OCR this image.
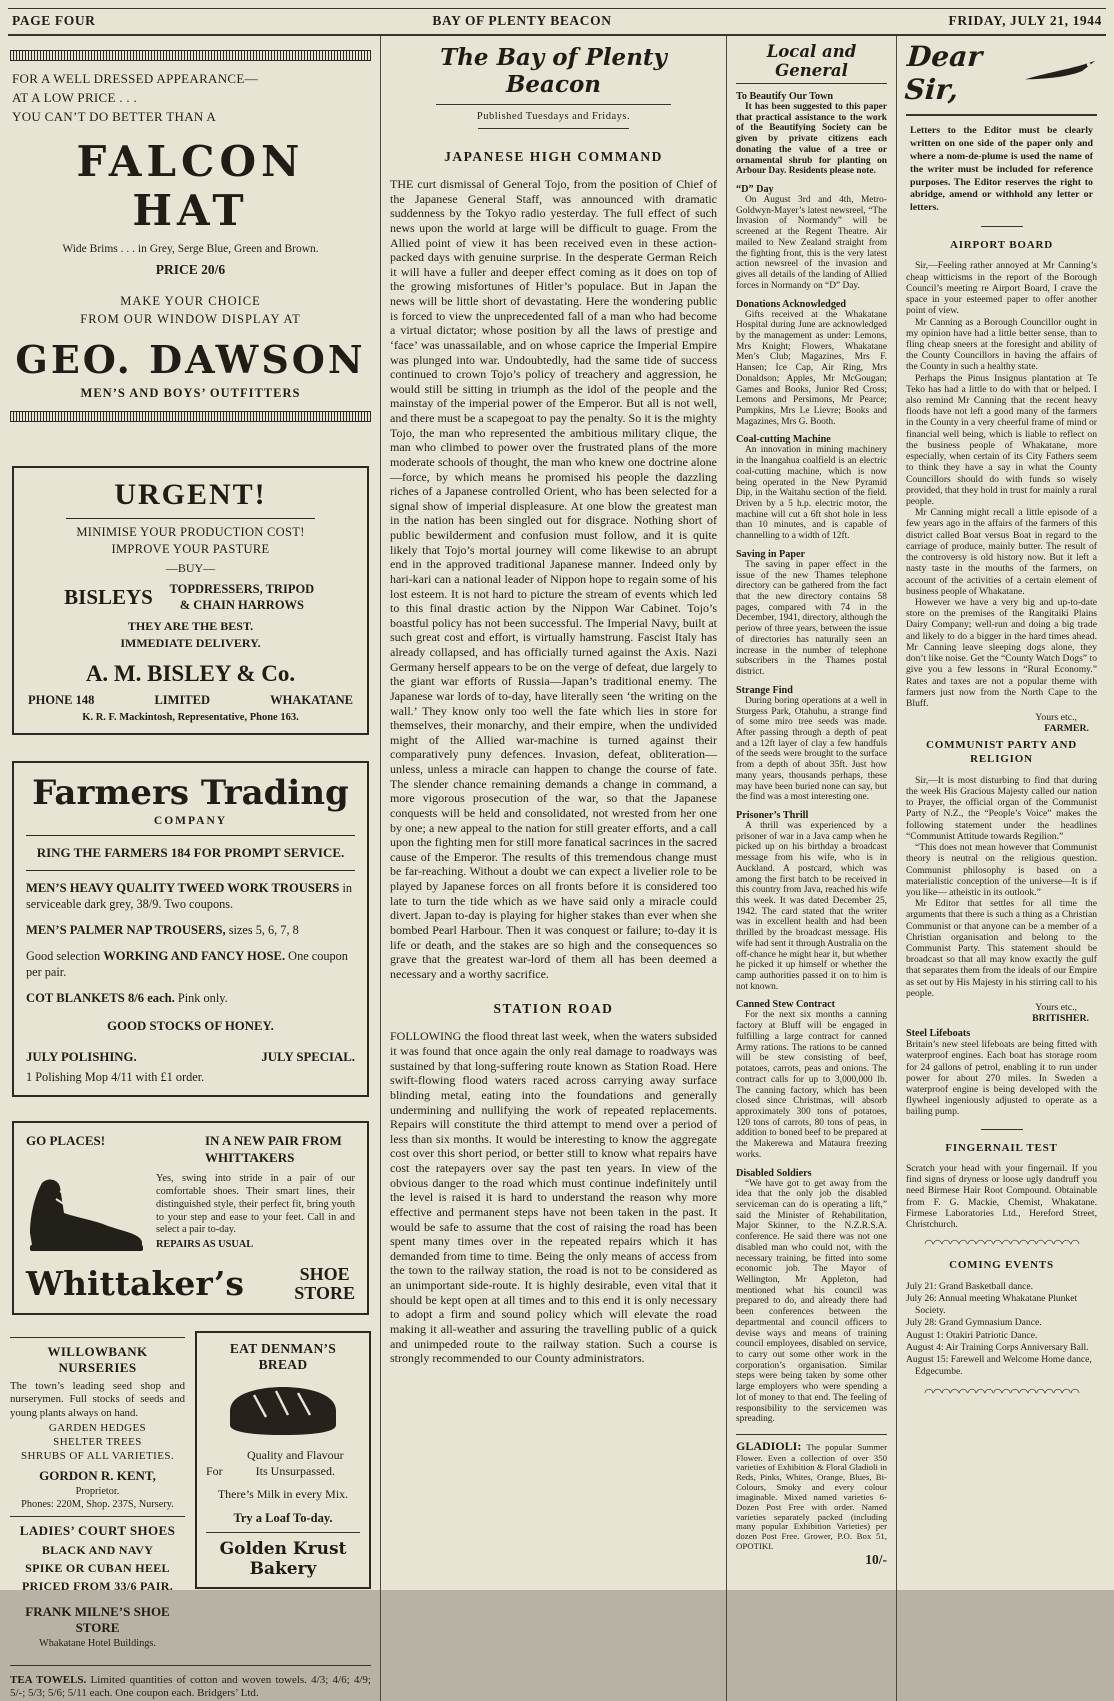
PAGE FOUR	BAY OF PLENTY BEACON	FRIDAY, JULY 21, 1944

FOR A WELL DRESSED APPEARANCE—

AT A LOW PRICE . . .

YOU CAN’T DO BETTER THAN A

FALCON HAT

Wide Brims . . . in Grey, Serge Blue, Green and Brown.

PRICE 20/6

MAKE YOUR CHOICE

FROM OUR WINDOW DISPLAY AT

GEO. DAWSON

MEN’S AND BOYS’ OUTFITTERS

URGENT!

MINIMISE YOUR PRODUCTION COST!

IMPROVE YOUR PASTURE

—BUY—

BISLEYS TOPDRESSERS, TRIPOD & CHAIN HARROWS

THEY ARE THE BEST.

IMMEDIATE DELIVERY.

A. M. BISLEY & Co.
PHONE 148	LIMITED	WHAKATANE

K. R. F. Mackintosh, Representative, Phone 163.

Farmers Trading

COMPANY

RING THE FARMERS 184 FOR PROMPT SERVICE.

MEN’S HEAVY QUALITY TWEED WORK TROUSERS in serviceable dark grey, 38/9. Two coupons.

MEN’S PALMER NAP TROUSERS, sizes 5, 6, 7, 8

Good selection WORKING AND FANCY HOSE. One coupon per pair.

COT BLANKETS 8/6 each. Pink only.

GOOD STOCKS OF HONEY.

JULY POLISHING.	JULY SPECIAL.

1 Polishing Mop 4/11 with £1 order.

GO PLACES!	IN A NEW PAIR FROM WHITTAKERS

Yes, swing into stride in a pair of our comfortable shoes. Their smart lines, their distinguished style, their perfect fit, bring youth to your step and ease to your feet. Call in and select a pair to-day.

REPAIRS AS USUAL

Whittaker’s	SHOE
STORE

WILLOWBANK NURSERIES

The town’s leading seed shop and nurserymen. Full stocks of seeds and young plants always on hand.

GARDEN HEDGES

SHELTER TREES

SHRUBS OF ALL VARIETIES.

GORDON R. KENT,

Proprietor.

Phones: 220M, Shop. 237S, Nursery.

LADIES’ COURT SHOES

BLACK AND NAVY

SPIKE OR CUBAN HEEL

PRICED FROM 33/6 PAIR.

FRANK MILNE’S SHOE STORE

Whakatane Hotel Buildings.

EAT DENMAN’S BREAD

For
Quality and Flavour
Its Unsurpassed.

There’s Milk in every Mix.

Try a Loaf To-day.

Golden Krust Bakery

TEA TOWELS. Limited quantities of cotton and woven towels. 4/3; 4/6; 4/9; 5/-; 5/3; 5/6; 5/11 each. One coupon each. Bridgers’ Ltd.

The Bay of Plenty Beacon

Published Tuesdays and Fridays.

JAPANESE HIGH COMMAND

THE curt dismissal of General Tojo, from the position of Chief of the Japanese General Staff, was announced with dramatic suddenness by the Tokyo radio yesterday. The full effect of such news upon the world at large will be difficult to guage. From the Allied point of view it has been received even in these action-packed days with genuine surprise. In the desperate German Reich it will have a fuller and deeper effect coming as it does on top of the growing misfortunes of Hitler’s populace. But in Japan the news will be little short of devastating. Here the wondering public is forced to view the unprecedented fall of a man who had become a virtual dictator; whose position by all the laws of prestige and ‘face’ was unassailable, and on whose caprice the Imperial Empire was plunged into war. Undoubtedly, had the same tide of success continued to crown Tojo’s policy of treachery and aggression, he would still be sitting in triumph as the idol of the people and the mainstay of the imperial power of the Emperor. But all is not well, and there must be a scapegoat to pay the penalty. So it is the mighty Tojo, the man who represented the ambitious military clique, the man who climbed to power over the frustrated plans of the more moderate schools of thought, the man who knew one doctrine alone—force, by which means he promised his people the dazzling riches of a Japanese controlled Orient, who has been selected for a signal show of imperial displeasure. At one blow the greatest man in the nation has been singled out for disgrace. Nothing short of public bewilderment and confusion must follow, and it is quite likely that Tojo’s mortal journey will come likewise to an abrupt end in the approved traditional Japanese manner. Indeed only by hari-kari can a national leader of Nippon hope to regain some of his lost esteem. It is not hard to picture the stream of events which led to this final drastic action by the Nippon War Cabinet. Tojo’s boastful policy has not been successful. The Imperial Navy, built at such great cost and effort, is virtually hamstrung. Fascist Italy has already collapsed, and has officially turned against the Axis. Nazi Germany herself appears to be on the verge of defeat, due largely to the giant war efforts of Russia—Japan’s traditional enemy. The Japanese war lords of to-day, have literally seen ‘the writing on the wall.’ They know only too well the fate which lies in store for themselves, their monarchy, and their empire, when the undivided might of the Allied war-machine is turned against their comparatively puny defences. Invasion, defeat, obliteration—unless, unless a miracle can happen to change the course of fate. The slender chance remaining demands a change in command, a more vigorous prosecution of the war, so that the Japanese conquests will be held and consolidated, not wrested from her one by one; a new appeal to the nation for still greater efforts, and a call upon the fighting men for still more fanatical sacrinces in the sacred cause of the Emperor. The results of this tremendous change must be far-reaching. Without a doubt we can expect a livelier role to be played by Japanese forces on all fronts before it is considered too late to turn the tide which as we have said only a miracle could divert. Japan to-day is playing for higher stakes than ever when she bombed Pearl Harbour. Then it was conquest or failure; to-day it is life or death, and the stakes are so high and the consequences so grave that the greatest war-lord of them all has been deemed a necessary and a worthy sacrifice.

STATION ROAD

FOLLOWING the flood threat last week, when the waters subsided it was found that once again the only real damage to roadways was sustained by that long-suffering route known as Station Road. Here swift-flowing flood waters raced across carrying away surface blinding metal, eating into the foundations and generally undermining and nullifying the work of repeated replacements. Repairs will constitute the third attempt to mend over a period of less than six months. It would be interesting to know the aggregate cost over this short period, or better still to know what repairs have cost the ratepayers over say the past ten years. In view of the obvious danger to the road which must continue indefinitely until the level is raised it is hard to understand the reason why more effective and permanent steps have not been taken in the past. It would be safe to assume that the cost of raising the road has been spent many times over in the repeated repairs which it has demanded from time to time. Being the only means of access from the town to the railway station, the road is not to be considered as an unimportant side-route. It is highly desirable, even vital that it should be kept open at all times and to this end it is only necessary to adopt a firm and sound policy which will elevate the road making it all-weather and assuring the travelling public of a quick and unimpeded route to the railway station. Such a course is strongly recommended to our County administrators.

Local and General

To Beautify Our Town

It has been suggested to this paper that practical assistance to the work of the Beautifying Society can be given by private citizens each donating the value of a tree or ornamental shrub for planting on Arbour Day. Residents please note.

“D” Day

On August 3rd and 4th, Metro-Goldwyn-Mayer’s latest newsreel, “The Invasion of Normandy” will be screened at the Regent Theatre. Air mailed to New Zealand straight from the fighting front, this is the very latest action newsreel of the invasion and gives all details of the landing of Allied forces in Normandy on “D” Day.

Donations Acknowledged

Gifts received at the Whakatane Hospital during June are acknowledged by the management as under: Lemons, Mrs Knight; Flowers, Whakatane Men’s Club; Magazines, Mrs F. Hansen; Ice Cap, Air Ring, Mrs Donaldson; Apples, Mr McGougan; Games and Books, Junior Red Cross; Lemons and Persimons, Mr Pearce; Pumpkins, Mrs Le Lievre; Books and Magazines, Mrs G. Booth.

Coal-cutting Machine

An innovation in mining machinery in the Inangahua coalfield is an electric coal-cutting machine, which is now being operated in the New Pyramid Dip, in the Waitahu section of the field. Driven by a 5 h.p. electric motor, the machine will cut a 6ft shot hole in less than 10 minutes, and is capable of channelling to a width of 12ft.

Saving in Paper

The saving in paper effect in the issue of the new Thames telephone directory can be gathered from the fact that the new directory contains 58 pages, compared with 74 in the December, 1941, directory, although the periow of three years, between the issue of directories has naturally seen an increase in the number of telephone subscribers in the Thames postal district.

Strange Find

During boring operations at a well in Sturgess Park, Otahuhu, a strange find of some miro tree seeds was made. After passing through a depth of peat and a 12ft layer of clay a few handfuls of the seeds were brought to the surface from a depth of about 35ft. Just how many years, thousands perhaps, these may have been buried none can say, but the find was a most interesting one.

Prisoner’s Thrill

A thrill was experienced by a prisoner of war in a Java camp when he picked up on his birthday a broadcast message from his wife, who is in Auckland. A postcard, which was among the first batch to be received in this country from Java, reached his wife this week. It was dated December 25, 1942. The card stated that the writer was in excellent health and had been thrilled by the broadcast message. His wife had sent it through Australia on the off-chance he might hear it, but whether he picked it up himself or whether the camp authorities passed it on to him is not known.

Canned Stew Contract

For the next six months a canning factory at Bluff will be engaged in fulfilling a large contract for canned Army rations. The rations to be canned will be stew consisting of beef, potatoes, carrots, peas and onions. The contract calls for up to 3,000,000 lb. The canning factory, which has been closed since Christmas, will absorb approximately 300 tons of potatoes, 120 tons of carrots, 80 tons of peas, in addition to boned beef to be prepared at the Makerewa and Mataura freezing works.

Disabled Soldiers

“We have got to get away from the idea that the only job the disabled serviceman can do is operating a lift,” said the Minister of Rehabilitation, Major Skinner, to the N.Z.R.S.A. conference. He said there was not one disabled man who could not, with the necessary training, be fitted into some economic job. The Mayor of Wellington, Mr Appleton, had mentioned what his council was prepared to do, and already there had been conferences between the departmental and council officers to devise ways and means of training council employees, disabled on service, to carry out some other work in the corporation’s organisation. Similar steps were being taken by some other large employers who were spending a lot of money to that end. The feeling of responsibility to the servicemen was spreading.

GLADIOLI: The popular Summer Flower. Even a collection of over 350 varieties of Exhibition & Floral Gladioli in Reds, Pinks, Whites, Orange, Blues, Bi-Colours, Smoky and every colour imaginable. Mixed named varieties 6- Dozen Post Free with order. Named varieties separately packed (including many popular Exhibition Varieties) per dozen Post Free. Grower, P.O. Box 51, OPOTIKI.
10/-
Dear Sir,

Letters to the Editor must be clearly written on one side of the paper only and where a nom-de-plume is used the name of the writer must be included for reference purposes. The Editor reserves the right to abridge, amend or withhold any letter or letters.

AIRPORT BOARD

Sir,—Feeling rather annoyed at Mr Canning’s cheap witticisms in the report of the Borough Council’s meeting re Airport Board, I crave the space in your esteemed paper to offer another point of view.

Mr Canning as a Borough Councillor ought in my opinion have had a little better sense, than to fling cheap sneers at the foresight and ability of the County Councillors in having the affairs of the County in such a healthy state.

Perhaps the Pinus Insignus plantation at Te Teko has had a little to do with that or helped. I also remind Mr Canning that the recent heavy floods have not left a good many of the farmers in the County in a very cheerful frame of mind or financial well being, which is liable to reflect on the business people of Whakatane, more especially, when certain of its City Fathers seem to think they have a say in what the County Councillors should do with funds so wisely provided, that they hold in trust for mainly a rural people.

Mr Canning might recall a little episode of a few years ago in the affairs of the farmers of this district called Boat versus Boat in regard to the carriage of produce, mainly butter. The result of the controversy is old history now. But it left a nasty taste in the mouths of the farmers, on account of the activities of a certain element of business people of Whakatane.

However we have a very big and up-to-date store on the premises of the Rangitaiki Plains Dairy Company; well-run and doing a big trade and likely to do a bigger in the hard times ahead. Mr Canning leave sleeping dogs alone, they don’t like noise. Get the “County Watch Dogs” to give you a few lessons in “Rural Economy.” Rates and taxes are not a popular theme with farmers just now from the North Cape to the Bluff.

Yours etc.,

FARMER.

COMMUNIST PARTY AND RELIGION

Sir,—It is most disturbing to find that during the week His Gracious Majesty called our nation to Prayer, the official organ of the Communist Party of N.Z., the “People’s Voice” makes the following statement under the headlines “Communist Attitude towards Regilion.”

“This does not mean however that Communist theory is neutral on the religious question. Communist philosophy is based on a materialistic conception of the universe—It is if you like— atheistic in its outlook.”

Mr Editor that settles for all time the arguments that there is such a thing as a Christian Communist or that anyone can be a member of a Christian organisation and belong to the Communist Party. This statement should be broadcast so that all may know exactly the gulf that separates them from the ideals of our Empire as set out by His Majesty in his stirring call to his people.

Yours etc.,

BRITISHER.

Steel Lifeboats

Britain’s new steel lifeboats are being fitted with waterproof engines. Each boat has storage room for 24 gallons of petrol, enabling it to run under power for about 270 miles. In Sweden a waterproof engine is being developed with the flywheel ingeniously adjusted to operate as a bailing pump.

FINGERNAIL TEST

Scratch your head with your fingernail. If you find signs of dryness or loose ugly dandruff you need Birmese Hair Root Compound. Obtainable from F. G. Mackie, Chemist, Whakatane. Firmese Laboratories Ltd., Hereford Street, Christchurch.

◠◠◠◠◠◠◠◠◠◠◠◠◠◠◠◠◠◠
COMING EVENTS

July 21: Grand Basketball dance.

July 26: Annual meeting Whakatane Plunket Society.

July 28: Grand Gymnasium Dance.

August 1: Otakiri Patriotic Dance.

August 4: Air Training Corps Anniversary Ball.

August 15: Farewell and Welcome Home dance, Edgecumbe.

◠◠◠◠◠◠◠◠◠◠◠◠◠◠◠◠◠◠
